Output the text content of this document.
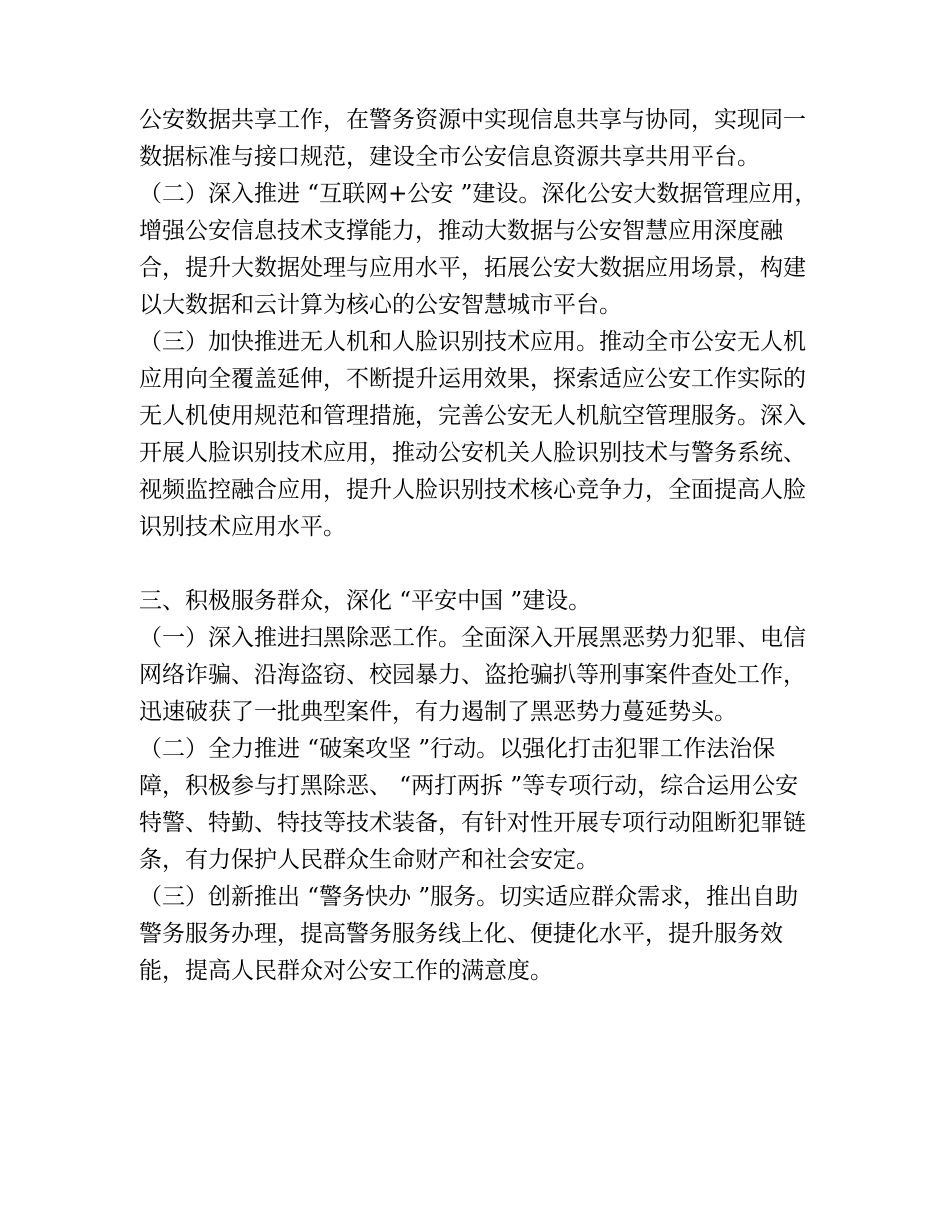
公安数据共享工作，在警务资源中实现信息共享与协同，实现同一数据标准与接口规范，建设全市公安信息资源共享共用平台。

（二）深入推进 “互联网+公安 ”建设。深化公安大数据管理应用，增强公安信息技术支撑能力，推动大数据与公安智慧应用深度融合，提升大数据处理与应用水平，拓展公安大数据应用场景，构建以大数据和云计算为核心的公安智慧城市平台。

（三）加快推进无人机和人脸识别技术应用。推动全市公安无人机应用向全覆盖延伸，不断提升运用效果，探索适应公安工作实际的无人机使用规范和管理措施，完善公安无人机航空管理服务。深入开展人脸识别技术应用，推动公安机关人脸识别技术与警务系统、视频监控融合应用，提升人脸识别技术核心竞争力，全面提高人脸识别技术应用水平。

三、积极服务群众，深化 “平安中国 ”建设。

（一）深入推进扫黑除恶工作。全面深入开展黑恶势力犯罪、电信网络诈骗、沿海盗窃、校园暴力、盗抢骗扒等刑事案件查处工作，迅速破获了一批典型案件，有力遏制了黑恶势力蔓延势头。

（二）全力推进 “破案攻坚 ”行动。以强化打击犯罪工作法治保障，积极参与打黑除恶、 “两打两拆 ”等专项行动，综合运用公安特警、特勤、特技等技术装备，有针对性开展专项行动阻断犯罪链条，有力保护人民群众生命财产和社会安定。

（三）创新推出 “警务快办 ”服务。切实适应群众需求，推出自助警务服务办理，提高警务服务线上化、便捷化水平，提升服务效能，提高人民群众对公安工作的满意度。
